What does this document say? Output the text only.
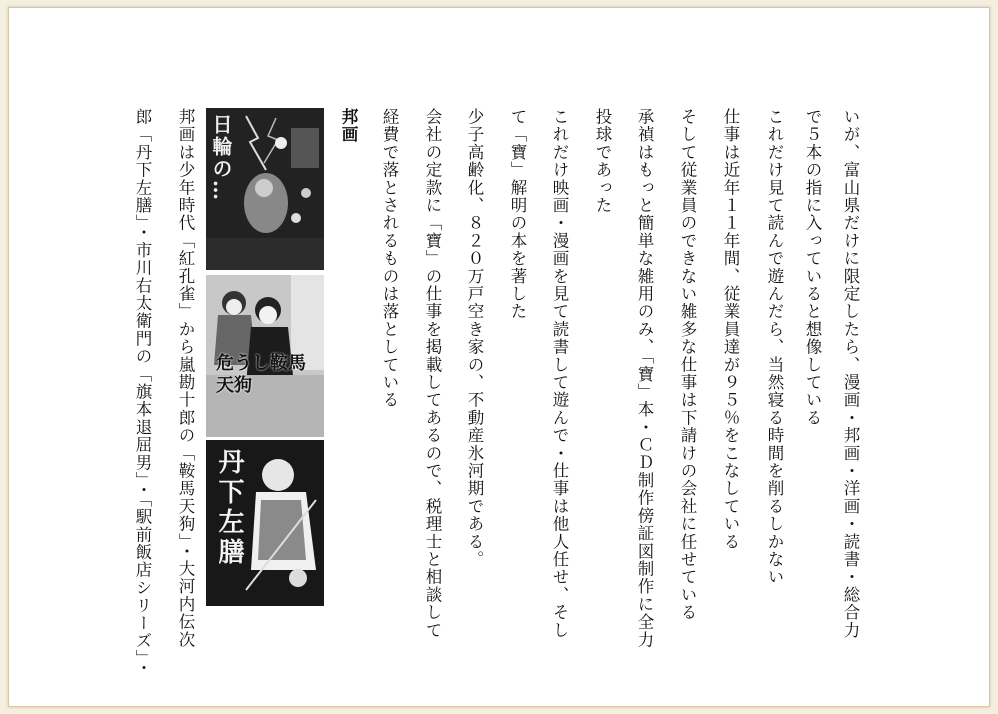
いが、富山県だけに限定したら、漫画・邦画・洋画・読書・総合力
で５本の指に入っていると想像している
これだけ見て読んで遊んだら、当然寝る時間を削るしかない
仕事は近年１１年間、従業員達が９５％をこなしている
そして従業員のできない雑多な仕事は下請けの会社に任せている
承禎はもっと簡単な雑用のみ、「寶」本・ＣＤ制作傍証図制作に全力
投球であった
これだけ映画・漫画を見て読書して遊んで・仕事は他人任せ、そし
て「寶」解明の本を著した
少子高齢化、８２０万戸空き家の、不動産氷河期である。
会社の定款に「寶」の仕事を掲載してあるので、税理士と相談して
経費で落とされるものは落としている
邦画
邦画は少年時代「紅孔雀」から嵐勘十郎の「鞍馬天狗」・大河内伝次
郎「丹下左膳」・市川右太衛門の「旗本退屈男」・「駅前飯店シリーズ」・	日輪の…
危うし鞍馬天狗
丹下左膳
